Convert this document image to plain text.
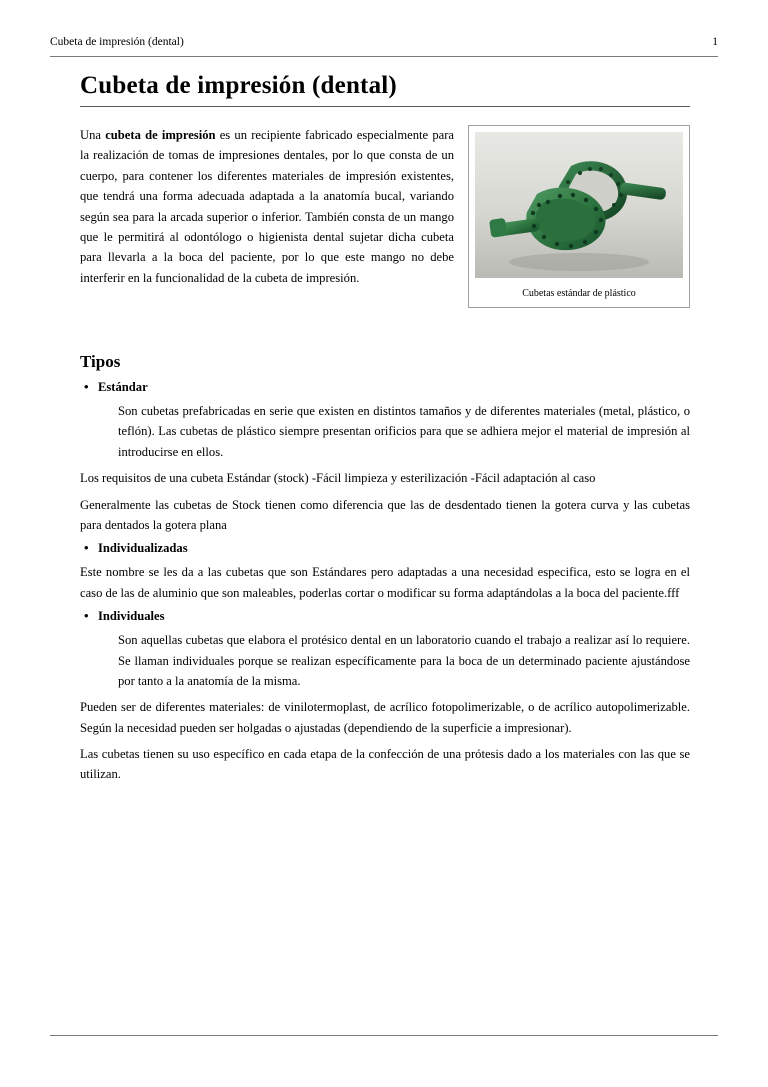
Cubeta de impresión (dental)	1
Cubeta de impresión (dental)
Una cubeta de impresión es un recipiente fabricado especialmente para la realización de tomas de impresiones dentales, por lo que consta de un cuerpo, para contener los diferentes materiales de impresión existentes, que tendrá una forma adecuada adaptada a la anatomía bucal, variando según sea para la arcada superior o inferior. También consta de un mango que le permitirá al odontólogo o higienista dental sujetar dicha cubeta para llevarla a la boca del paciente, por lo que este mango no debe interferir en la funcionalidad de la cubeta de impresión.
Cubetas estándar de plástico
Tipos
• Estándar

Son cubetas prefabricadas en serie que existen en distintos tamaños y de diferentes materiales (metal, plástico, o teflón). Las cubetas de plástico siempre presentan orificios para que se adhiera mejor el material de impresión al introducirse en ellos.

Los requisitos de una cubeta Estándar (stock) -Fácil limpieza y esterilización -Fácil adaptación al caso

Generalmente las cubetas de Stock tienen como diferencia que las de desdentado tienen la gotera curva y las cubetas para dentados la gotera plana

• Individualizadas

Este nombre se les da a las cubetas que son Estándares pero adaptadas a una necesidad especifica, esto se logra en el caso de las de aluminio que son maleables, poderlas cortar o modificar su forma adaptándolas a la boca del paciente.fff

• Individuales

Son aquellas cubetas que elabora el protésico dental en un laboratorio cuando el trabajo a realizar así lo requiere. Se llaman individuales porque se realizan específicamente para la boca de un determinado paciente ajustándose por tanto a la anatomía de la misma.

Pueden ser de diferentes materiales: de vinilotermoplast, de acrílico fotopolimerizable, o de acrílico autopolimerizable. Según la necesidad pueden ser holgadas o ajustadas (dependiendo de la superficie a impresionar).

Las cubetas tienen su uso específico en cada etapa de la confección de una prótesis dado a los materiales con las que se utilizan.
